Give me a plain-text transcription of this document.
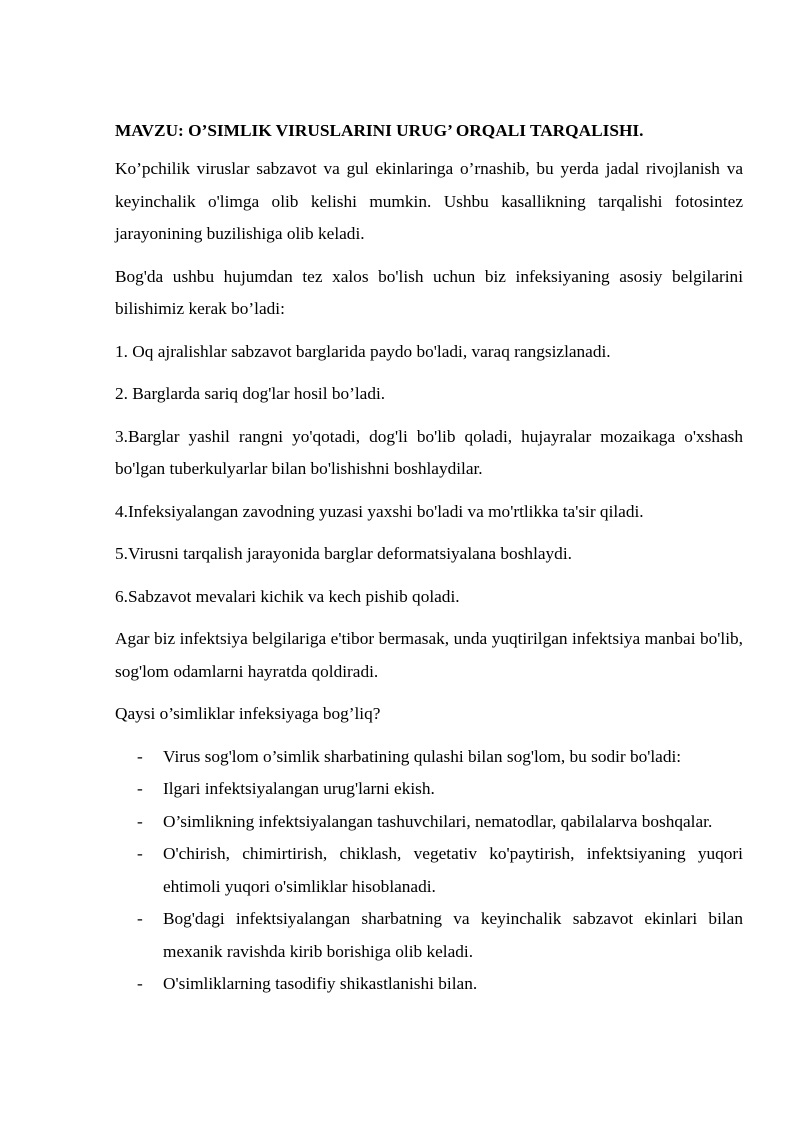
MAVZU: O’SIMLIK VIRUSLARINI URUG’ ORQALI TARQALISHI.

Ko’pchilik viruslar sabzavot va gul ekinlaringa o’rnashib, bu yerda jadal rivojlanish va keyinchalik o'limga olib kelishi mumkin. Ushbu kasallikning tarqalishi fotosintez jarayonining buzilishiga olib keladi.

Bog'da ushbu hujumdan tez xalos bo'lish uchun biz infeksiyaning asosiy belgilarini bilishimiz kerak bo’ladi:

1. Oq ajralishlar sabzavot barglarida paydo bo'ladi, varaq rangsizlanadi.

2. Barglarda sariq dog'lar hosil bo’ladi.

3.Barglar yashil rangni yo'qotadi, dog'li bo'lib qoladi, hujayralar mozaikaga o'xshash bo'lgan tuberkulyarlar bilan bo'lishishni boshlaydilar.

4.Infeksiyalangan zavodning yuzasi yaxshi bo'ladi va mo'rtlikka ta'sir qiladi.

5.Virusni tarqalish jarayonida barglar deformatsiyalana boshlaydi.

6.Sabzavot mevalari kichik va kech pishib qoladi.

Agar biz infektsiya belgilariga e'tibor bermasak, unda yuqtirilgan infektsiya manbai bo'lib, sog'lom odamlarni hayratda qoldiradi.

Qaysi o’simliklar infeksiyaga bog’liq?

- Virus sog'lom o’simlik sharbatining qulashi bilan sog'lom, bu sodir bo'ladi:
- Ilgari infektsiyalangan urug'larni ekish.
- O’simlikning infektsiyalangan tashuvchilari, nematodlar, qabilalarva boshqalar.
- O'chirish, chimirtirish, chiklash, vegetativ ko'paytirish, infektsiyaning yuqori ehtimoli yuqori o'simliklar hisoblanadi.
- Bog'dagi infektsiyalangan sharbatning va keyinchalik sabzavot ekinlari bilan mexanik ravishda kirib borishiga olib keladi.
- O'simliklarning tasodifiy shikastlanishi bilan.
